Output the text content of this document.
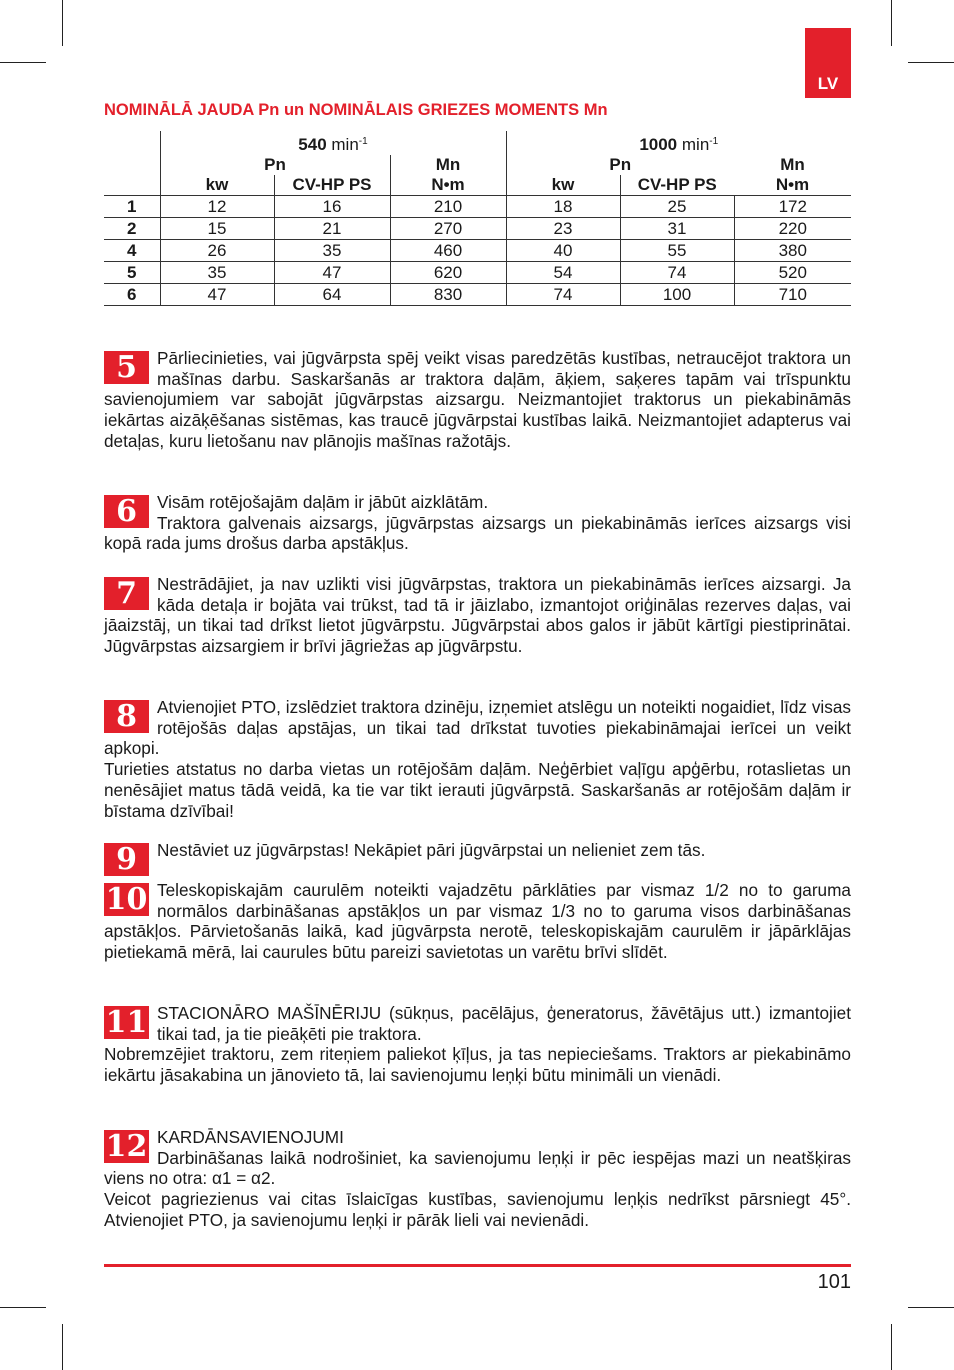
LV
NOMINĀLĀ JAUDA Pn un NOMINĀLAIS GRIEZES MOMENTS Mn
	540 $\min^{-1}$			1000 $\min^{-1}$
	Pn		Mn	Pn		Mn
	kw	CV-HP PS	N•m	kw	CV-HP PS	N•m
1	12	16	210	18	25	172
2	15	21	270	23	31	220
4	26	35	460	40	55	380
5	35	47	620	54	74	520
6	47	64	830	74	100	710
5	Pārliecinieties, vai jūgvārpsta spēj veikt visas paredzētās kustības, netraucējot traktora un mašīnas darbu. Saskaršanās ar traktora daļām, āķiem, saķeres tapām vai trīspunktu savienojumiem var sabojāt jūgvārpstas aizsargu. Neizmantojiet traktorus un piekabināmās iekārtas aizāķēšanas sistēmas, kas traucē jūgvārpstai kustības laikā. Neizmantojiet adapterus vai detaļas, kuru lietošanu nav plānojis mašīnas ražotājs.

6	Visām rotējošajām daļām ir jābūt aizklātām.

Traktora galvenais aizsargs, jūgvārpstas aizsargs un piekabināmās ierīces aizsargs visi kopā rada jums drošus darba apstākļus.

7	Nestrādājiet, ja nav uzlikti visi jūgvārpstas, traktora un piekabināmās ierīces aizsargi. Ja kāda detaļa ir bojāta vai trūkst, tad tā ir jāizlabo, izmantojot oriģinālas rezerves daļas, vai jāaizstāj, un tikai tad drīkst lietot jūgvārpstu. Jūgvārpstai abos galos ir jābūt kārtīgi piestiprinātai. Jūgvārpstas aizsargiem ir brīvi jāgriežas ap jūgvārpstu.

8	Atvienojiet PTO, izslēdziet traktora dzinēju, izņemiet atslēgu un noteikti nogaidiet, līdz visas rotējošās daļas apstājas, un tikai tad drīkstat tuvoties piekabināmajai ierīcei un veikt apkopi.

Turieties atstatus no darba vietas un rotējošām daļām. Neģērbiet vaļīgu apģērbu, rotaslietas un nenēsājiet matus tādā veidā, ka tie var tikt ierauti jūgvārpstā. Saskaršanās ar rotējošām daļām ir bīstama dzīvībai!

9	Nestāviet uz jūgvārpstas! Nekāpiet pāri jūgvārpstai un nelieniet zem tās.

10 Teleskopiskajām caurulēm noteikti vajadzētu pārklāties par vismaz 1/2 no to garuma normālos darbināšanas apstākļos un par vismaz 1/3 no to garuma visos darbināšanas apstākļos. Pārvietošanās laikā, kad jūgvārpsta nerotē, teleskopiskajām caurulēm ir jāpārklājas pietiekamā mērā, lai caurules būtu pareizi savietotas un varētu brīvi slīdēt.

11 STACIONĀRO MAŠĪNĒRIJU (sūkņus, pacēlājus, ģeneratorus, žāvētājus utt.) izmantojiet tikai tad, ja tie pieāķēti pie traktora.

Nobremzējiet traktoru, zem riteņiem paliekot ķīļus, ja tas nepieciešams. Traktors ar piekabināmo iekārtu jāsakabina un jānovieto tā, lai savienojumu leņķi būtu minimāli un vienādi.

12 KARDĀNSAVIENOJUMI

Darbināšanas laikā nodrošiniet, ka savienojumu leņķi ir pēc iespējas mazi un neatšķiras viens no otra: α1 = α2.

Veicot pagriezienus vai citas īslaicīgas kustības, savienojumu leņķis nedrīkst pārsniegt 45°. Atvienojiet PTO, ja savienojumu leņķi ir pārāk lieli vai nevienādi.

101
